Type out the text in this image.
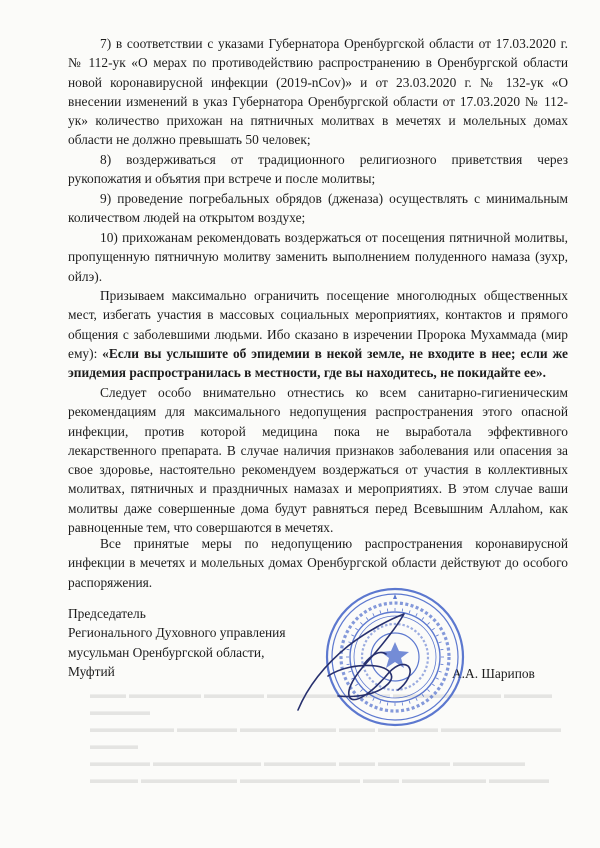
7) в соответствии с указами Губернатора Оренбургской области от 17.03.2020 г. № 112-ук «О мерах по противодействию распространению в Оренбургской области новой коронавирусной инфекции (2019-nCov)» и от 23.03.2020 г. № 132-ук «О внесении изменений в указ Губернатора Оренбургской области от 17.03.2020 № 112-ук» количество прихожан на пятничных молитвах в мечетях и молельных домах области не должно превышать 50 человек;

8) воздерживаться от традиционного религиозного приветствия через рукопожатия и объятия при встрече и после молитвы;

9) проведение погребальных обрядов (дженаза) осуществлять с минимальным количеством людей на открытом воздухе;

10) прихожанам рекомендовать воздержаться от посещения пятничной молитвы, пропущенную пятничную молитву заменить выполнением полуденного намаза (зухр, ойлэ).

Призываем максимально ограничить посещение многолюдных общественных мест, избегать участия в массовых социальных мероприятиях, контактов и прямого общения с заболевшими людьми. Ибо сказано в изречении Пророка Мухаммада (мир ему): «Если вы услышите об эпидемии в некой земле, не входите в нее; если же эпидемия распространилась в местности, где вы находитесь, не покидайте ее».

Следует особо внимательно отнестись ко всем санитарно-гигиеническим рекомендациям для максимального недопущения распространения этого опасной инфекции, против которой медицина пока не выработала эффективного лекарственного препарата. В случае наличия признаков заболевания или опасения за свое здоровье, настоятельно рекомендуем воздержаться от участия в коллективных молитвах, пятничных и праздничных намазах и мероприятиях. В этом случае ваши молитвы даже совершенные дома будут равняться перед Всевышним Аллаhом, как равноценные тем, что совершаются в мечетях.

Все принятые меры по недопущению распространения коронавирусной инфекции в мечетях и молельных домах Оренбургской области действуют до особого распоряжения.

Председатель
Регионального Духовного управления
мусульман Оренбургской области,
Муфтий	А.А. Шарипов
▬▬▬ ▬▬▬▬▬▬ ▬▬▬▬▬ ▬▬▬▬▬▬▬ ▬▬▬ ▬▬▬▬▬▬▬▬▬ ▬▬▬▬ ▬▬▬▬▬
▬▬▬▬▬▬▬ ▬▬▬▬▬ ▬▬▬▬▬▬▬▬ ▬▬▬ ▬▬▬▬▬ ▬▬▬▬▬▬▬▬▬▬ ▬▬▬▬
▬▬▬▬▬ ▬▬▬▬▬▬▬▬▬ ▬▬▬▬▬▬ ▬▬▬ ▬▬▬▬▬▬ ▬▬▬▬▬▬
▬▬▬▬ ▬▬▬▬▬▬▬▬ ▬▬▬▬▬▬▬▬▬▬ ▬▬▬ ▬▬▬▬▬▬▬ ▬▬▬▬▬
